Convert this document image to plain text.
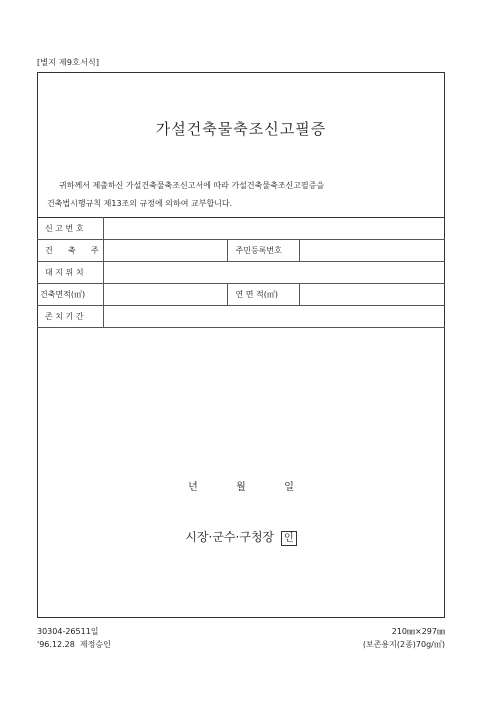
[별지 제9호서식]
가설건축물축조신고필증
귀하께서 제출하신 가설건축물축조신고서에 따라 가설건축물축조신고필증을
건축법시행규칙 제13조의 규정에 의하여 교부합니다.
신 고 번 호			
건      축      주		주민등록번호	
대 지 위 치			
건축면적(㎡)		연 면 적(㎡)	
존 치 기 간			
년	월	일
시장·군수·구청장 인
30304-26511일
'96.12.28  제정승인
210㎜×297㎜
(보존용지(2종)70g/㎡)
